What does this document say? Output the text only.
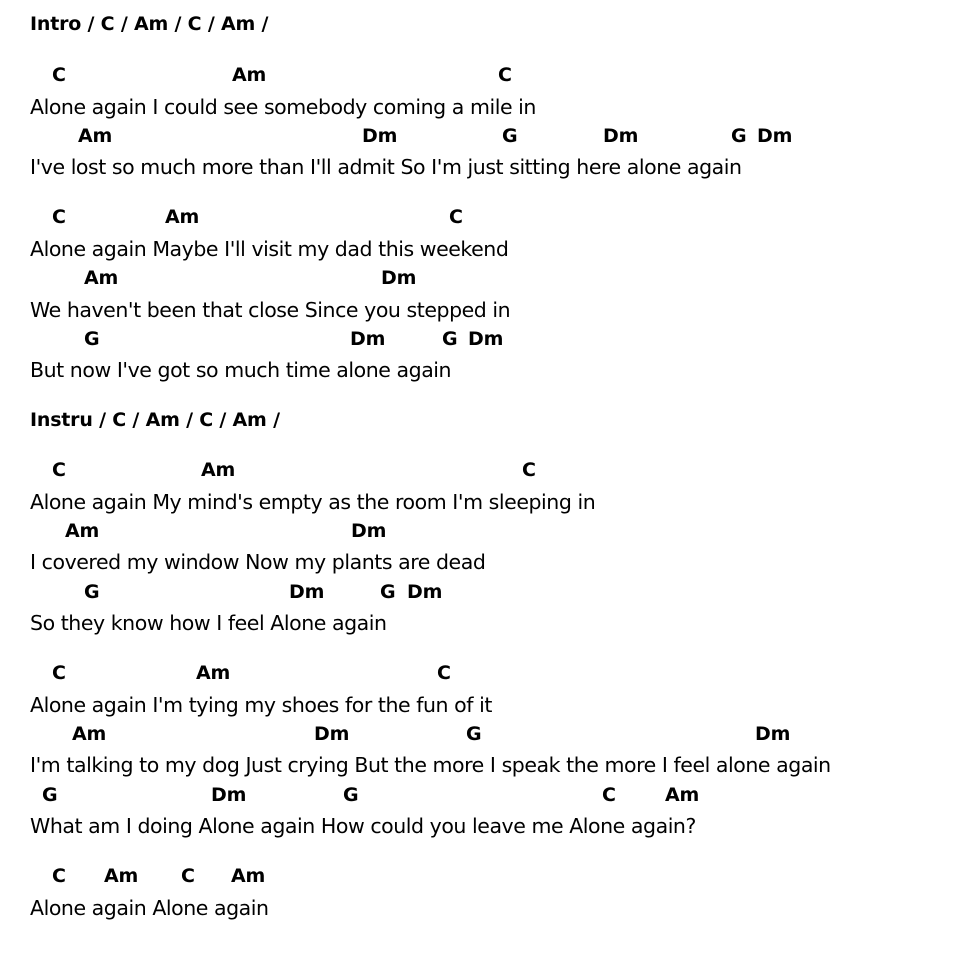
Intro / C / Am / C / Am /
C	Am	C
Alone again I could see somebody coming a mile in
Am	Dm	G	Dm	G Dm
I've lost so much more than I'll admit So I'm just sitting here alone again
C	Am	C
Alone again Maybe I'll visit my dad this weekend
Am	Dm
We haven't been that close Since you stepped in
G	Dm	G Dm
But now I've got so much time alone again
Instru / C / Am / C / Am /
C	Am	C
Alone again My mind's empty as the room I'm sleeping in
Am	Dm
I covered my window Now my plants are dead
G	Dm	G Dm
So they know how I feel Alone again
C	Am	C
Alone again I'm tying my shoes for the fun of it
Am	Dm	G	Dm
I'm talking to my dog Just crying But the more I speak the more I feel alone again
G	Dm	G	C	Am
What am I doing Alone again How could you leave me Alone again?
C Am C Am
Alone again Alone again
